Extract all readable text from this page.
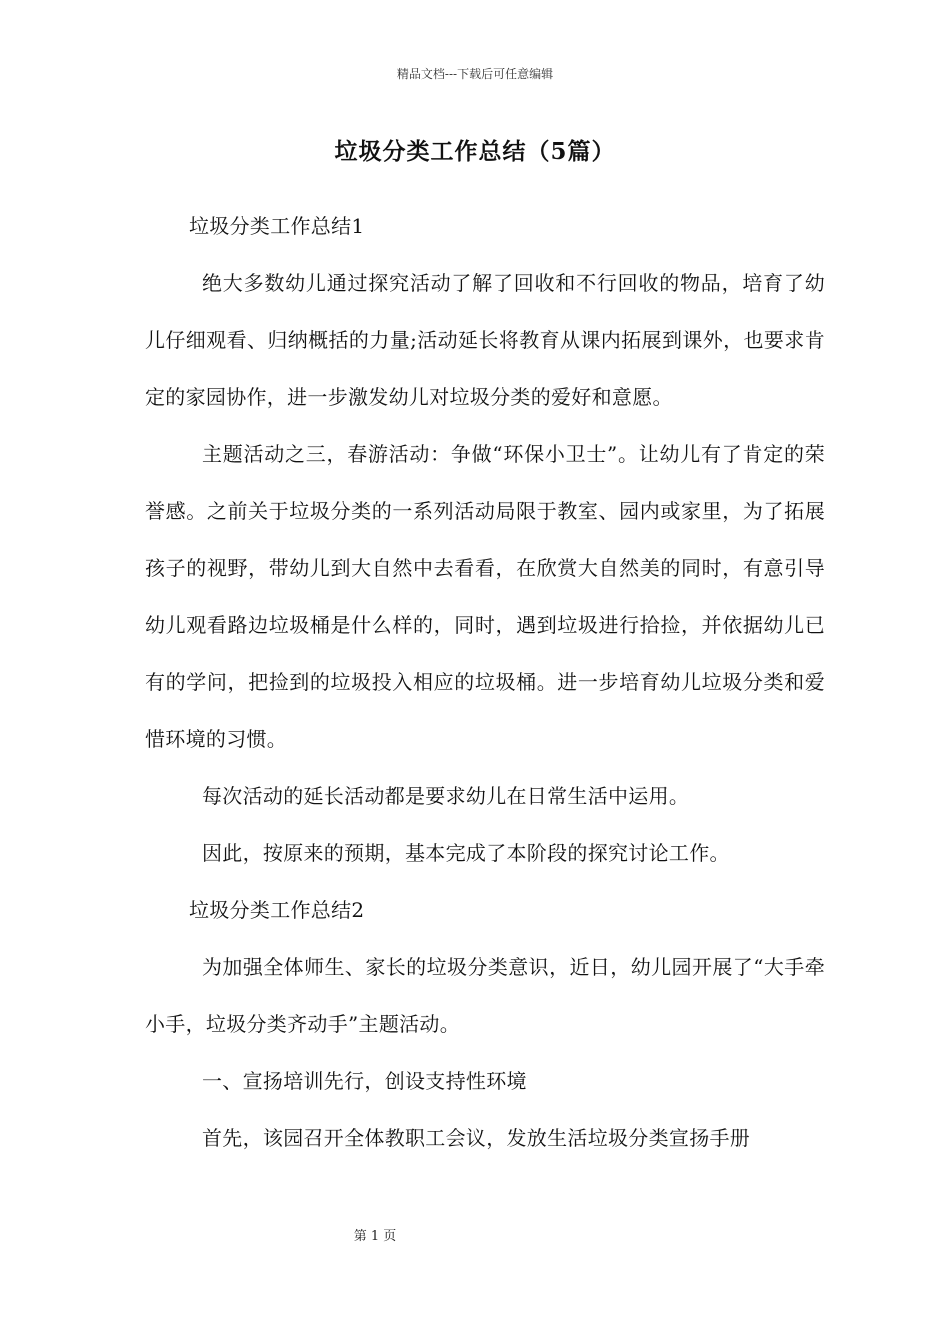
精品文档---下载后可任意编辑
垃圾分类工作总结（5篇）

垃圾分类工作总结1

绝大多数幼儿通过探究活动了解了回收和不行回收的物品，培育了幼儿仔细观看、归纳概括的力量;活动延长将教育从课内拓展到课外，也要求肯定的家园协作，进一步激发幼儿对垃圾分类的爱好和意愿。

主题活动之三，春游活动：争做“环保小卫士”。让幼儿有了肯定的荣誉感。之前关于垃圾分类的一系列活动局限于教室、园内或家里，为了拓展孩子的视野，带幼儿到大自然中去看看，在欣赏大自然美的同时，有意引导幼儿观看路边垃圾桶是什么样的，同时，遇到垃圾进行拾捡，并依据幼儿已有的学问，把捡到的垃圾投入相应的垃圾桶。进一步培育幼儿垃圾分类和爱惜环境的习惯。

每次活动的延长活动都是要求幼儿在日常生活中运用。

因此，按原来的预期，基本完成了本阶段的探究讨论工作。

垃圾分类工作总结2

为加强全体师生、家长的垃圾分类意识，近日，幼儿园开展了“大手牵小手，垃圾分类齐动手”主题活动。

一、宣扬培训先行，创设支持性环境

首先，该园召开全体教职工会议，发放生活垃圾分类宣扬手册

第 1 页
